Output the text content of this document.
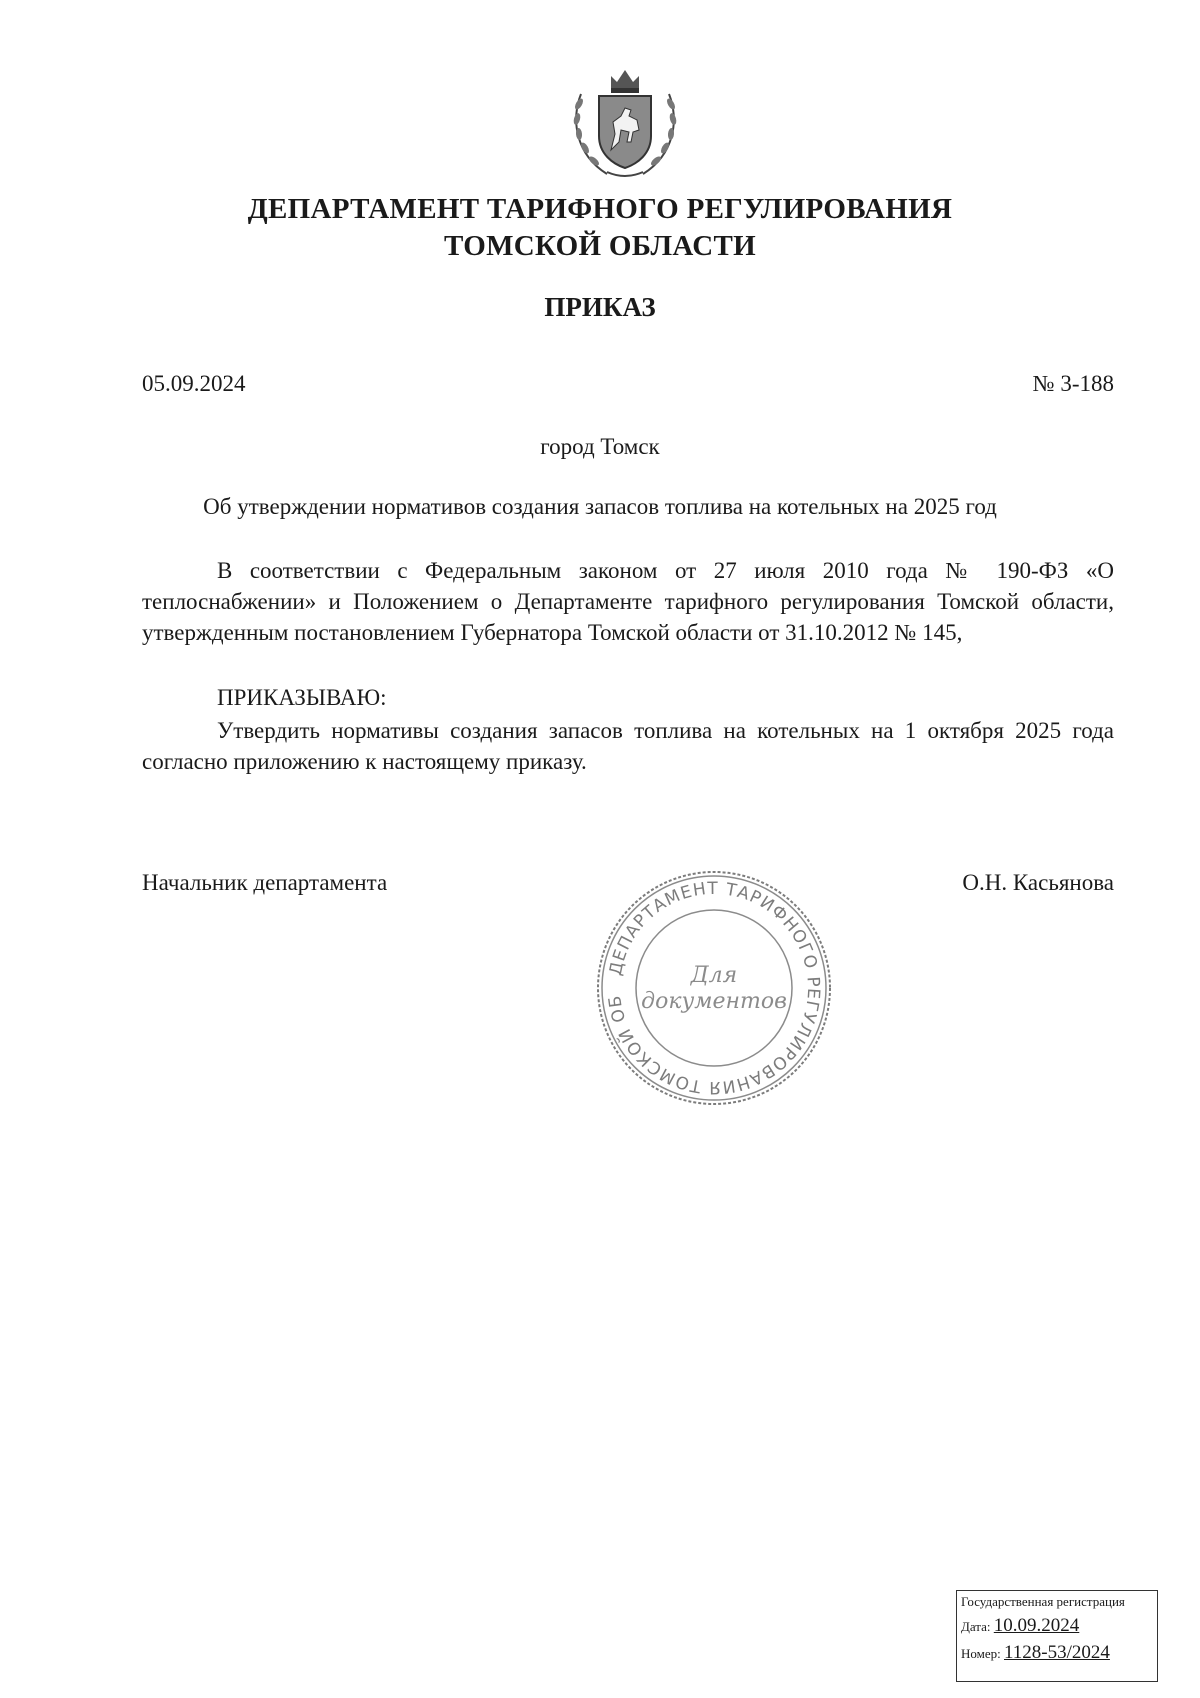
ДЕПАРТАМЕНТ ТАРИФНОГО РЕГУЛИРОВАНИЯ
ТОМСКОЙ ОБЛАСТИ
ПРИКАЗ
05.09.2024	№ 3-188
город Томск
Об утверждении нормативов создания запасов топлива на котельных на 2025 год
В соответствии с Федеральным законом от 27 июля 2010 года № 190-ФЗ «О теплоснабжении» и Положением о Департаменте тарифного регулирования Томской области, утвержденным постановлением Губернатора Томской области от 31.10.2012 № 145,
ПРИКАЗЫВАЮ:
Утвердить нормативы создания запасов топлива на котельных на 1 октября 2025 года согласно приложению к настоящему приказу.
Начальник департамента	О.Н. Касьянова
ДЕПАРТАМЕНТ ТАРИФНОГО РЕГУЛИРОВАНИЯ ТОМСКОЙ ОБ
Для
документов
Государственная регистрация
Дата: 10.09.2024
Номер: 1128-53/2024
